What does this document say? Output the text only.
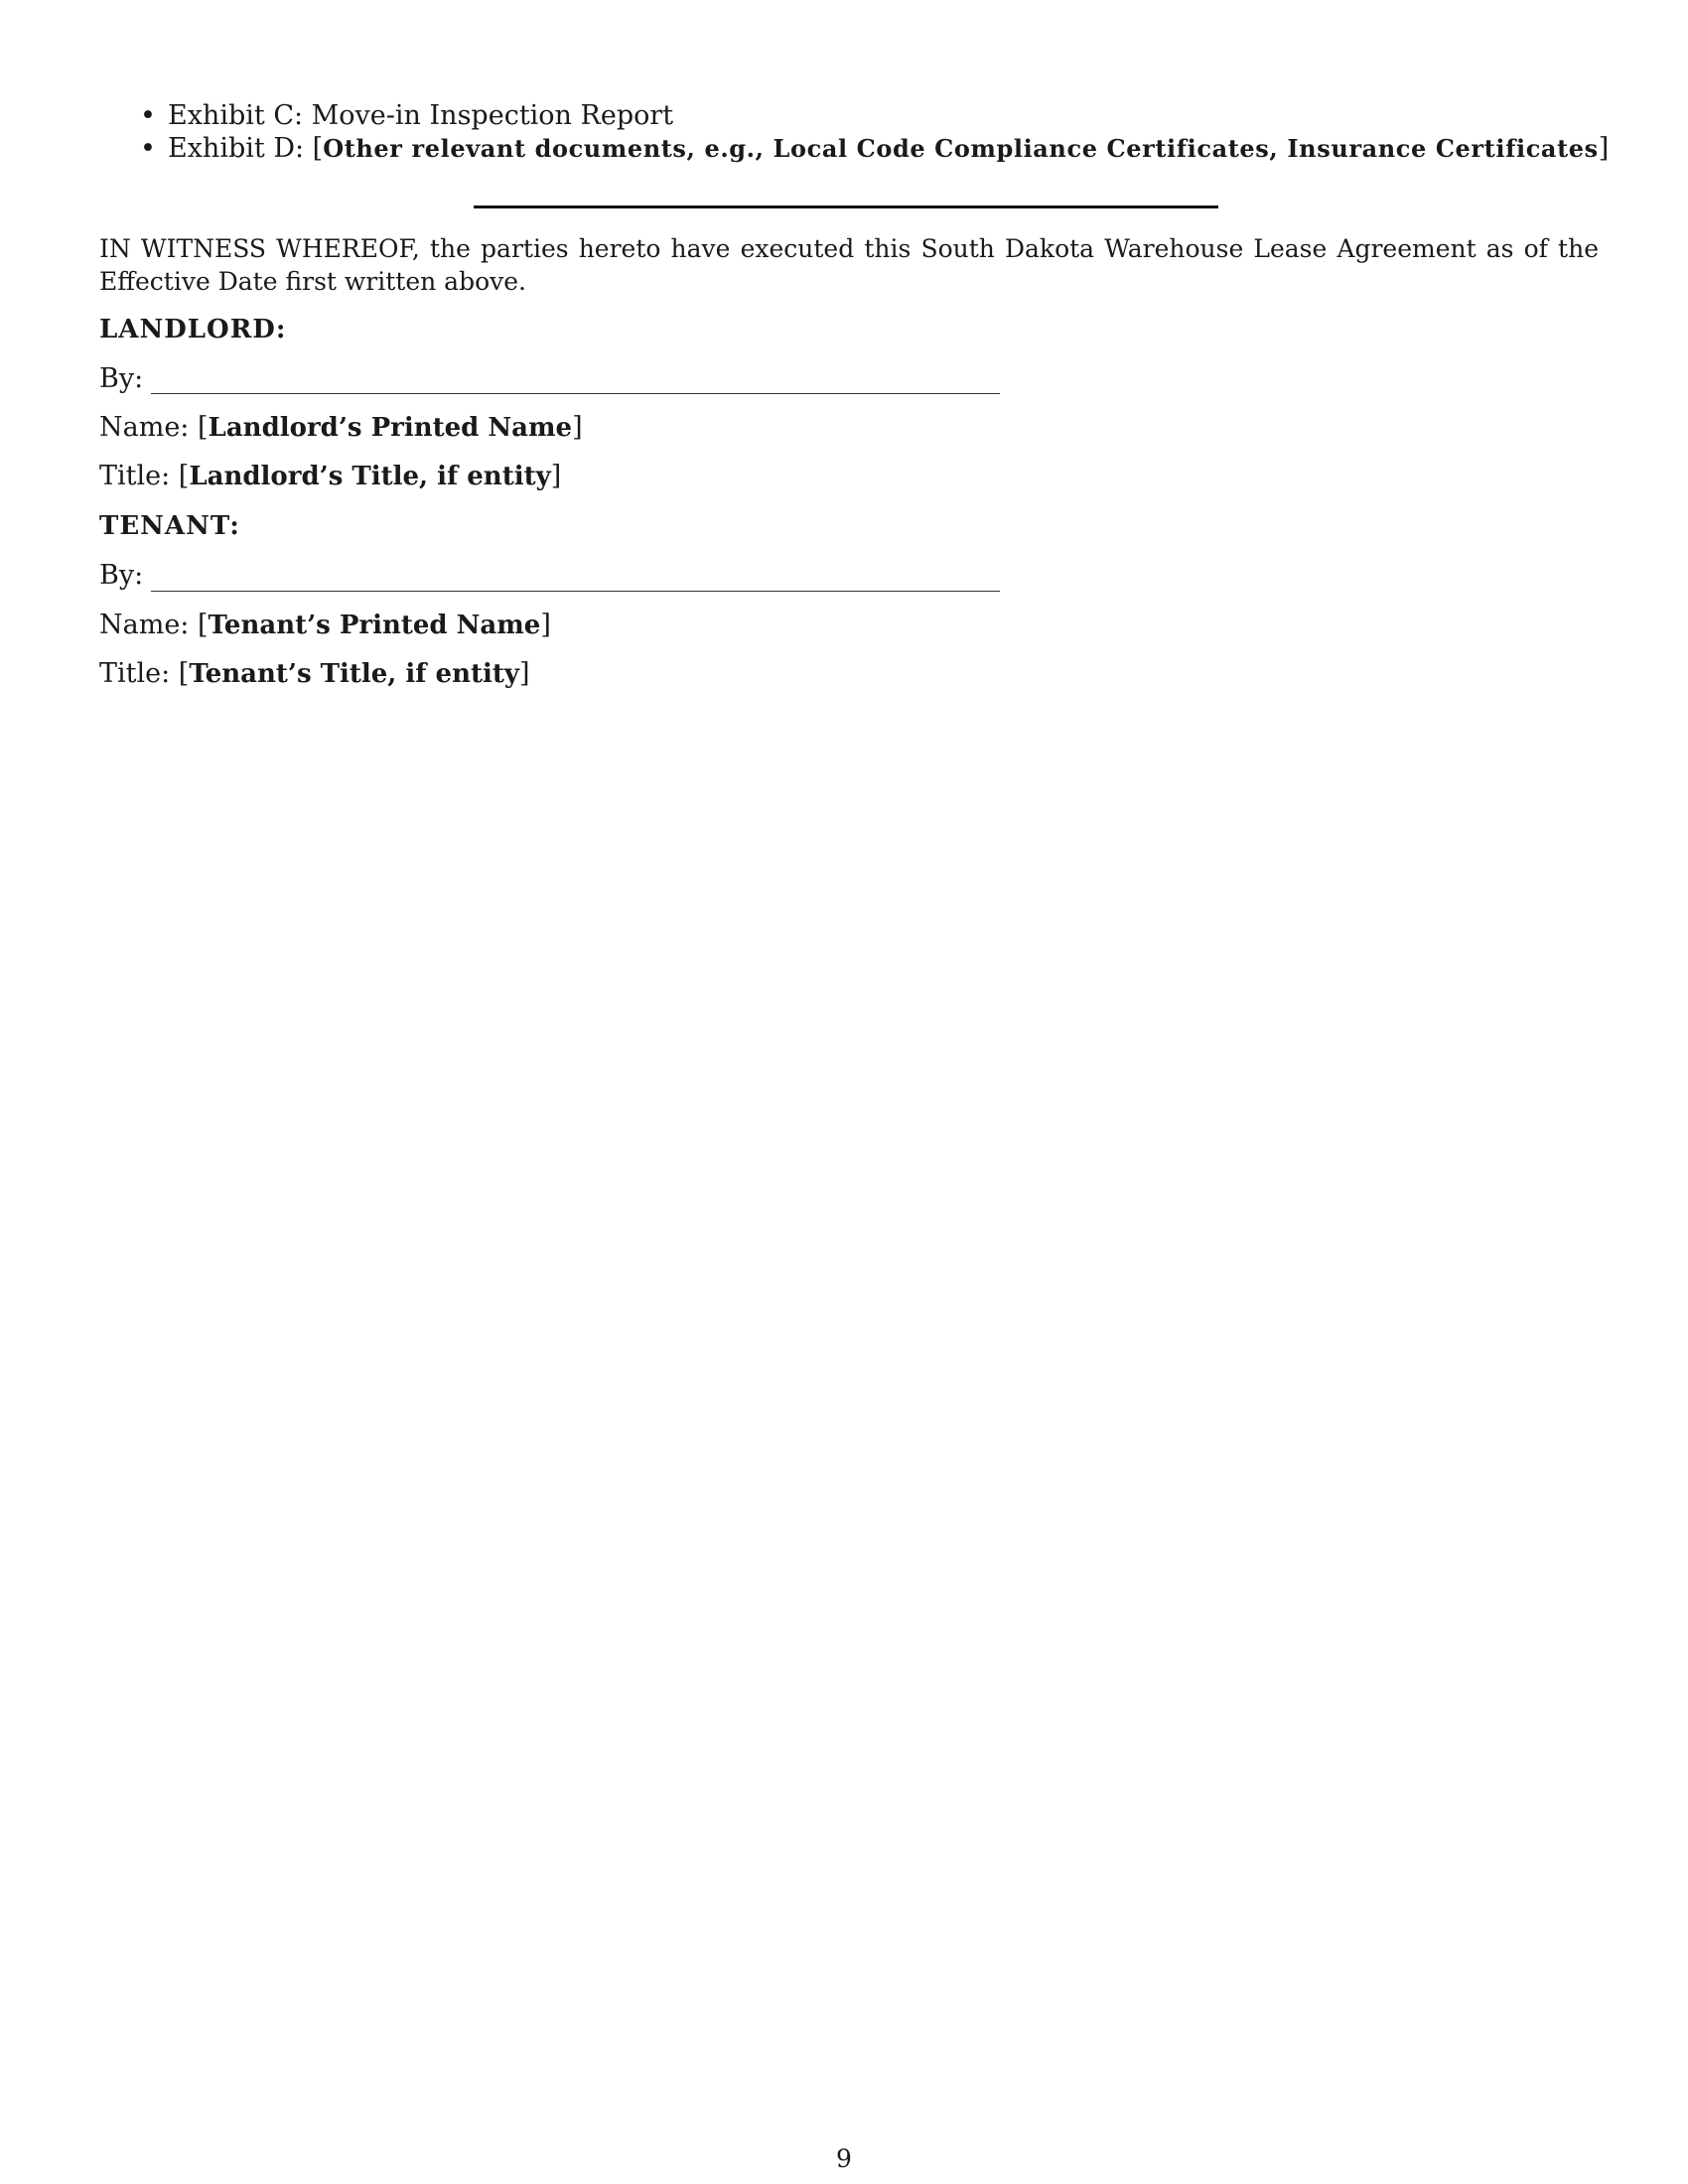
• Exhibit C: Move-in Inspection Report
• Exhibit D: [Other relevant documents, e.g., Local Code Compliance Certificates, Insurance Certificates]
IN WITNESS WHEREOF, the parties hereto have executed this South Dakota Warehouse Lease Agreement as of the Effective Date first written above.
LANDLORD:
By:
Name: [Landlord’s Printed Name]
Title: [Landlord’s Title, if entity]
TENANT:
By:
Name: [Tenant’s Printed Name]
Title: [Tenant’s Title, if entity]
9
